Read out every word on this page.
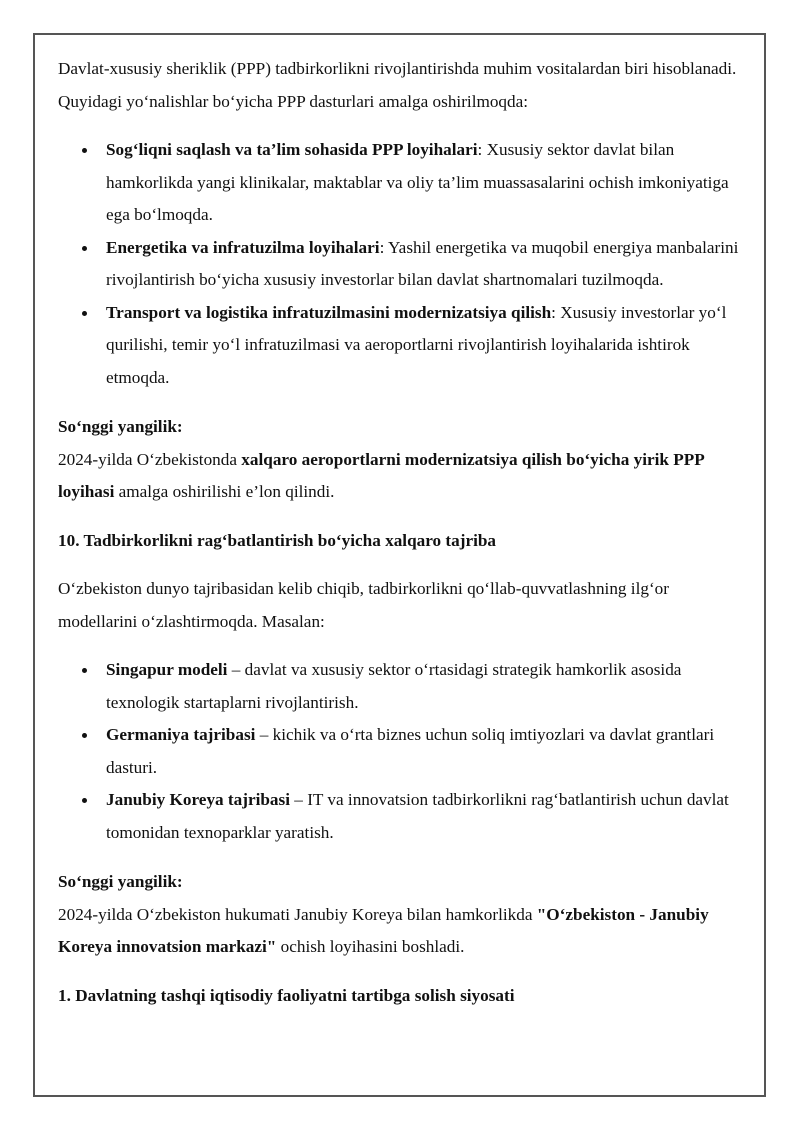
Davlat-xususiy sheriklik (PPP) tadbirkorlikni rivojlantirishda muhim vositalardan biri hisoblanadi. Quyidagi yo‘nalishlar bo‘yicha PPP dasturlari amalga oshirilmoqda:

Sog‘liqni saqlash va ta’lim sohasida PPP loyihalari: Xususiy sektor davlat bilan hamkorlikda yangi klinikalar, maktablar va oliy ta’lim muassasalarini ochish imkoniyatiga ega bo‘lmoqda.
Energetika va infratuzilma loyihalari: Yashil energetika va muqobil energiya manbalarini rivojlantirish bo‘yicha xususiy investorlar bilan davlat shartnomalari tuzilmoqda.
Transport va logistika infratuzilmasini modernizatsiya qilish: Xususiy investorlar yo‘l qurilishi, temir yo‘l infratuzilmasi va aeroportlarni rivojlantirish loyihalarida ishtirok etmoqda.

So‘nggi yangilik:

2024-yilda O‘zbekistonda xalqaro aeroportlarni modernizatsiya qilish bo‘yicha yirik PPP loyihasi amalga oshirilishi e’lon qilindi.

10. Tadbirkorlikni rag‘batlantirish bo‘yicha xalqaro tajriba

O‘zbekiston dunyo tajribasidan kelib chiqib, tadbirkorlikni qo‘llab-quvvatlashning ilg‘or modellarini o‘zlashtirmoqda. Masalan:

Singapur modeli – davlat va xususiy sektor o‘rtasidagi strategik hamkorlik asosida texnologik startaplarni rivojlantirish.
Germaniya tajribasi – kichik va o‘rta biznes uchun soliq imtiyozlari va davlat grantlari dasturi.
Janubiy Koreya tajribasi – IT va innovatsion tadbirkorlikni rag‘batlantirish uchun davlat tomonidan texnoparklar yaratish.

So‘nggi yangilik:

2024-yilda O‘zbekiston hukumati Janubiy Koreya bilan hamkorlikda "O‘zbekiston - Janubiy Koreya innovatsion markazi" ochish loyihasini boshladi.

1. Davlatning tashqi iqtisodiy faoliyatni tartibga solish siyosati
